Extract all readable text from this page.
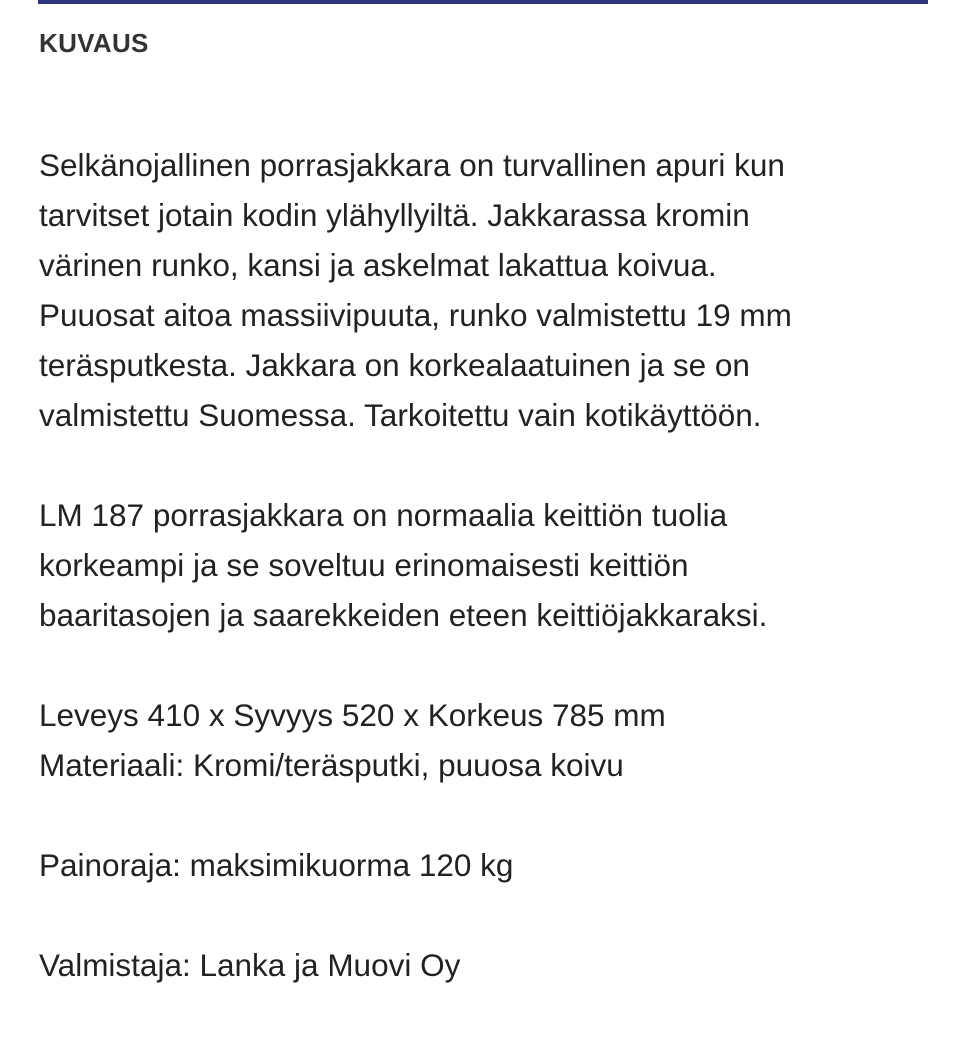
KUVAUS
Selkänojallinen porrasjakkara on turvallinen apuri kun
tarvitset jotain kodin ylähyllyiltä. Jakkarassa kromin
värinen runko, kansi ja askelmat lakattua koivua.
Puuosat aitoa massiivipuuta, runko valmistettu 19 mm
teräsputkesta. Jakkara on korkealaatuinen ja se on
valmistettu Suomessa. Tarkoitettu vain kotikäyttöön.
LM 187 porrasjakkara on normaalia keittiön tuolia
korkeampi ja se soveltuu erinomaisesti keittiön
baaritasojen ja saarekkeiden eteen keittiöjakkaraksi.
Leveys 410 x Syvyys 520 x Korkeus 785 mm
Materiaali: Kromi/teräsputki, puuosa koivu
Painoraja: maksimikuorma 120 kg
Valmistaja: Lanka ja Muovi Oy
